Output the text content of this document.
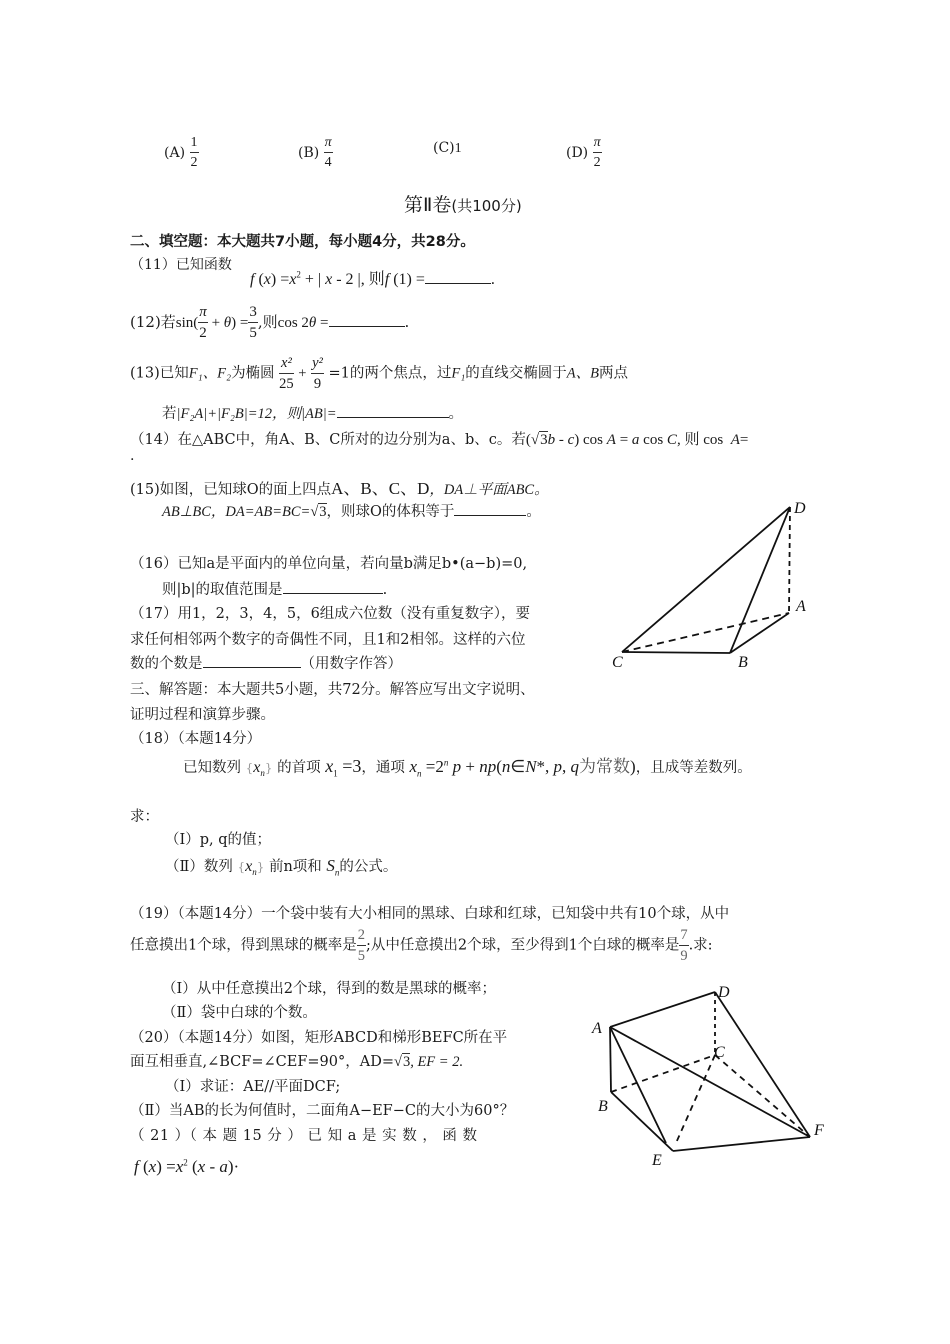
$(A) \frac{1}{2}$	$(B) \frac{\pi}{4}$	(C)1	$(D) \frac{\pi}{2}$
第Ⅱ卷(共100分)
二、填空题：本大题共7小题，每小题4分，共28分。
（11）已知函数
f $(x) =x^2$ + | x - 2 |, 则f (1) =	.
(12)若$\sin( \frac{\pi}{2} + \theta) = \frac{3}{5}$ ,则cos 2θ =	.
(13)已知F₁、F₂为椭圆 $\frac{\text{x²}}{25} + \frac{\text{y²}}{9} =1$的两个焦点，过F₁的直线交椭圆于A、B两点
若|F₂A|+|F₂B|=12，则|AB|=	。
（14）在△ABC中，角A、B、C所对的边分别为a、b、c。若(√3b - c) cos A = a cos C, 则 cos  A=
.
(15)如图，已知球O的面上四点A、B、C、D，DA⊥平面ABC。
AB⊥BC，DA=AB=BC=√3，则球O的体积等于	。
（16）已知a是平面内的单位向量，若向量b满足b•(a−b)=0,
则|b|的取值范围是	.
（17）用1，2，3，4，5，6组成六位数（没有重复数字），要
求任何相邻两个数字的奇偶性不同，且1和2相邻。这样的六位
数的个数是	（用数字作答）
三、解答题：本大题共5小题，共72分。解答应写出文字说明、
证明过程和演算步骤。
（18）（本题14分）
已知数列 $\{x_n\}$ 的首项 $x_1 =3$，通项 $x_n =2^n$ p + np(n∈N*, p, q为常数)，且成等差数列。
求：
（Ⅰ）p, q的值；
（Ⅱ）数列 $\{x_n\}$ 前n项和 $S_n$的公式。
（19）（本题14分）一个袋中装有大小相同的黑球、白球和红球，已知袋中共有10个球，从中
任意摸出1个球，得到黑球的概率是 $\frac{2}{5}$ ;从中任意摸出2个球，至少得到1个白球的概率是 $\frac{7}{9}$ .求:
（Ⅰ）从中任意摸出2个球，得到的数是黑球的概率；
（Ⅱ）袋中白球的个数。
（20）（本题14分）如图，矩形ABCD和梯形BEFC所在平
面互相垂直,∠BCF=∠CEF=90°，AD=√3, EF = 2.
（Ⅰ）求证：AE//平面DCF;
（Ⅱ）当AB的长为何值时，二面角A−EF−C的大小为60°？
（ 21 ）（ 本 题 15 分 ） 已 知 a 是 实 数 ， 函 数
f $(x) =x^2$ (x - a)·
D
A
B
C
D
A
C
B
E
F
